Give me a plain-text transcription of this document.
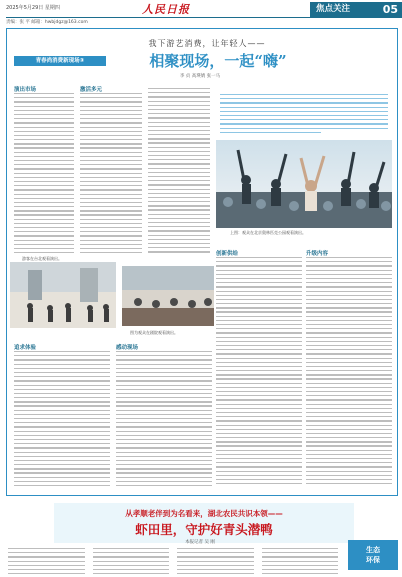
2025年5月29日 星期四	人民日报	焦点关注	05
责编：张 平 邮箱：hwbjdgz@163.com
青春尚消费新现场③
我下游艺消费，让年轻人——
相聚现场，一起“嗨”
李 贞 高瑛婧 张一马
演出市场	激活多元
上图：观众在北京奥林匹克公园观看演出。
游客在台北观看演出。
图为观众在剧院观看演出。
创新供给	升级内容
追求体验	感动现场
从孝顺老伴到为名看来，湖北农民共识本领——
虾田里，守护好青头潜鸭
本报记者 吴 刚
生态
环保
